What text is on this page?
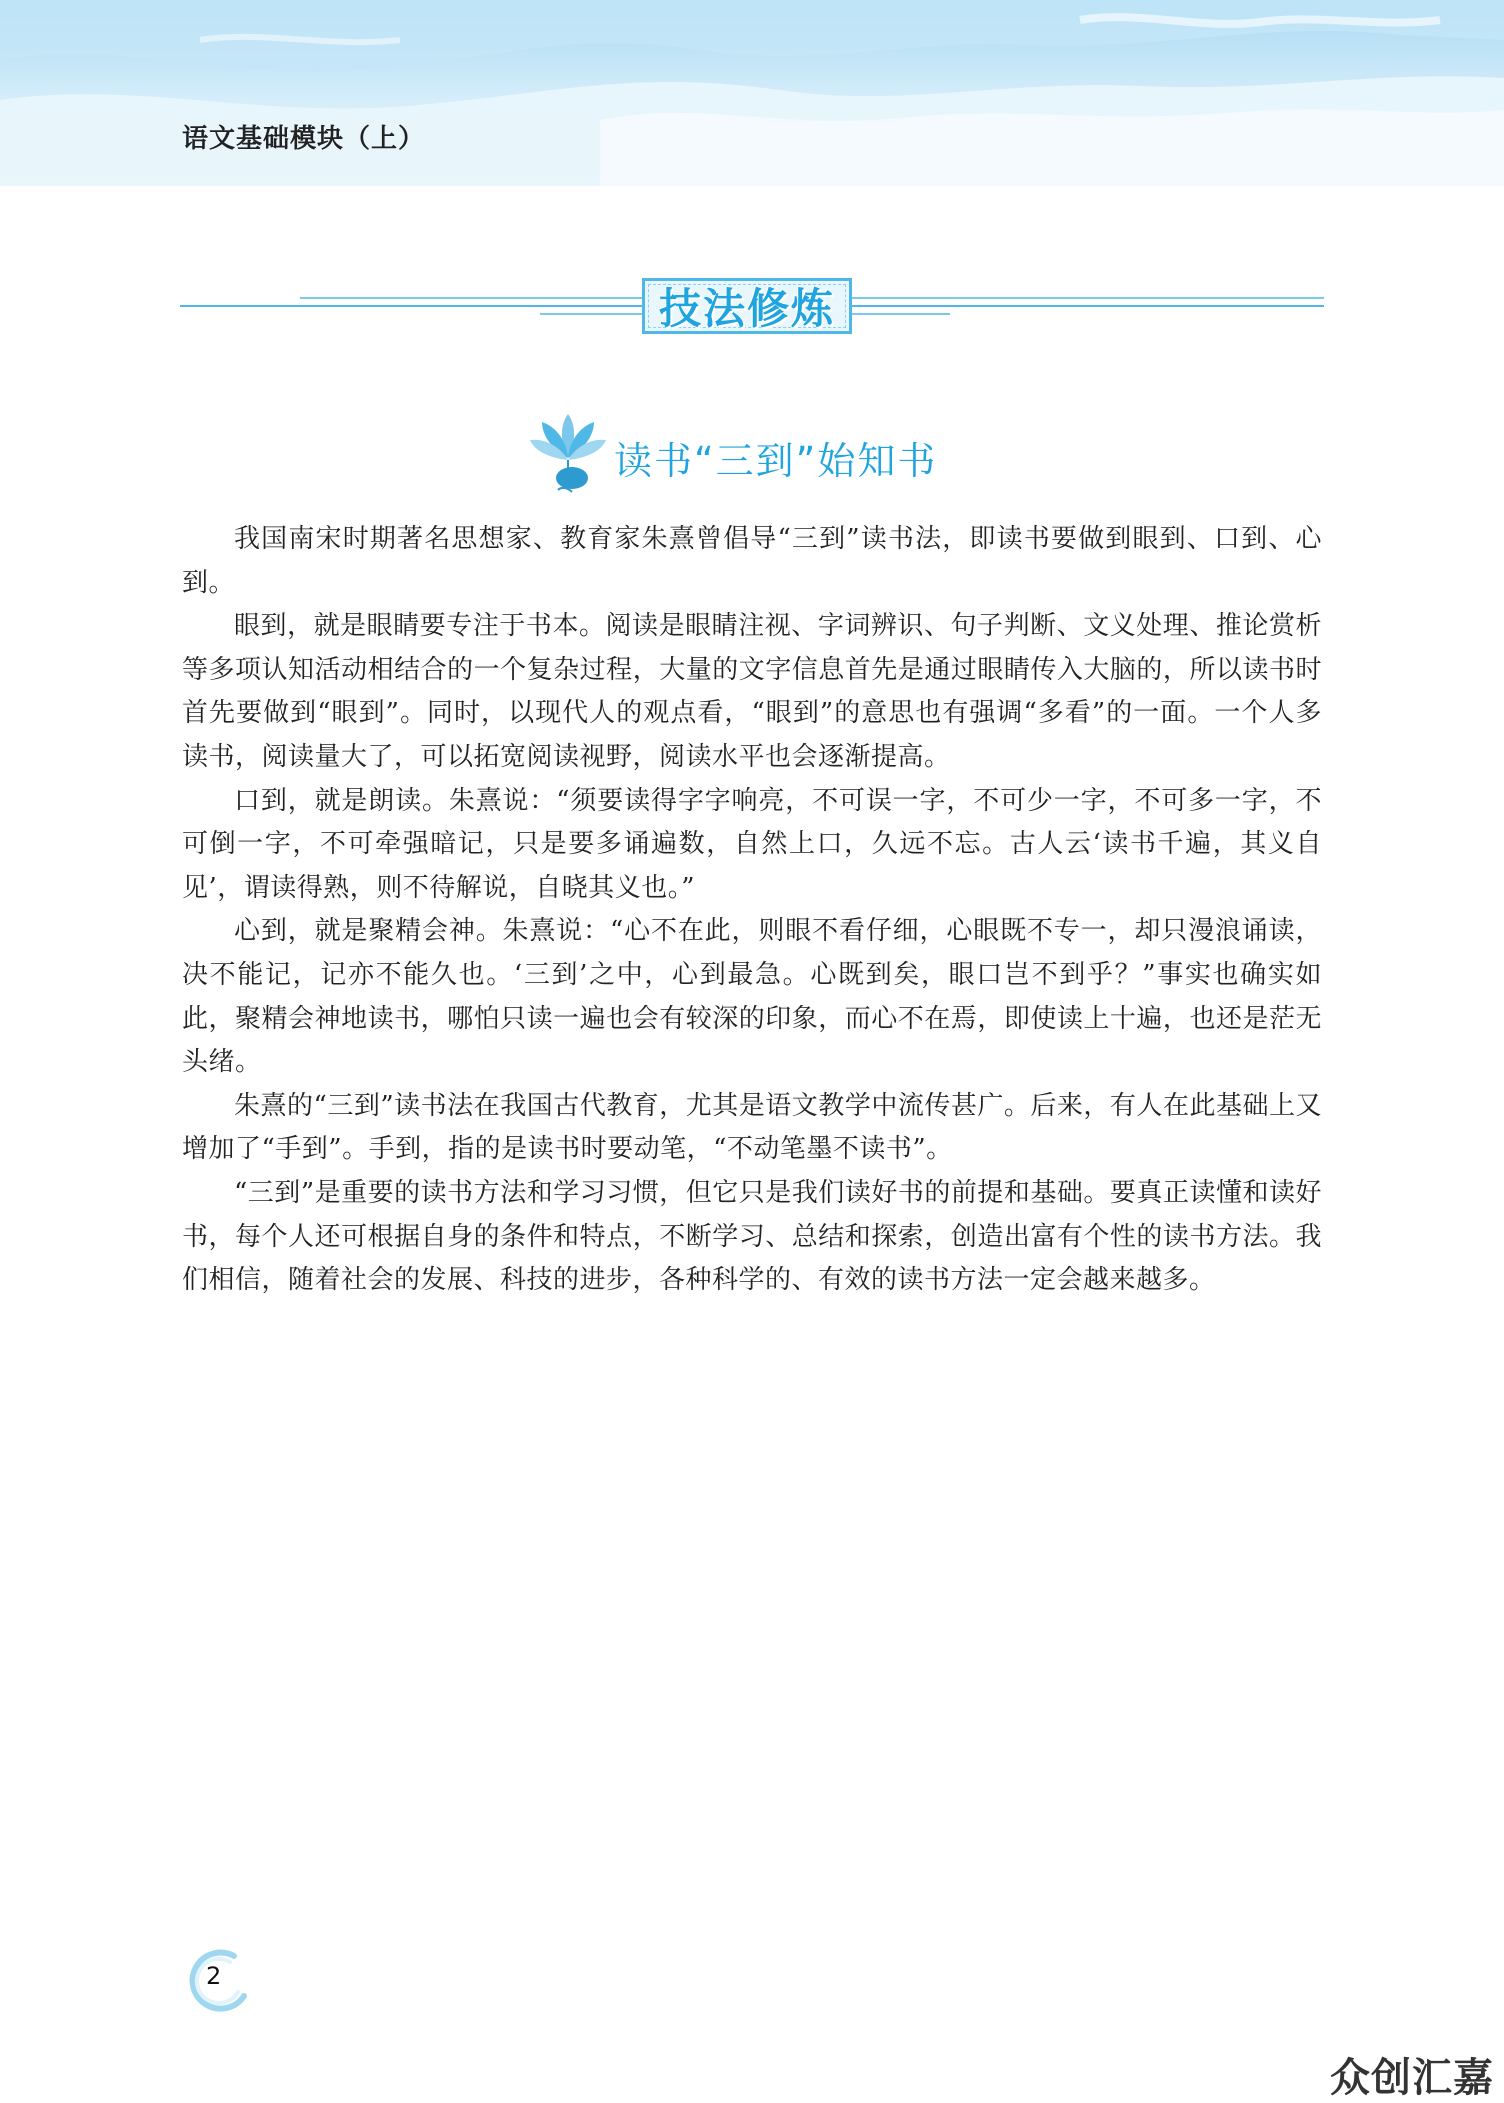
语文基础模块（上）
技法修炼
读书“三到”始知书

我国南宋时期著名思想家、教育家朱熹曾倡导“三到”读书法，即读书要做到眼到、口到、心到。

眼到，就是眼睛要专注于书本。阅读是眼睛注视、字词辨识、句子判断、文义处理、推论赏析等多项认知活动相结合的一个复杂过程，大量的文字信息首先是通过眼睛传入大脑的，所以读书时首先要做到“眼到”。同时，以现代人的观点看，“眼到”的意思也有强调“多看”的一面。一个人多读书，阅读量大了，可以拓宽阅读视野，阅读水平也会逐渐提高。

口到，就是朗读。朱熹说：“须要读得字字响亮，不可误一字，不可少一字，不可多一字，不可倒一字，不可牵强暗记，只是要多诵遍数，自然上口，久远不忘。古人云‘读书千遍，其义自见’，谓读得熟，则不待解说，自晓其义也。”

心到，就是聚精会神。朱熹说：“心不在此，则眼不看仔细，心眼既不专一，却只漫浪诵读，决不能记，记亦不能久也。‘三到’之中，心到最急。心既到矣，眼口岂不到乎？”事实也确实如此，聚精会神地读书，哪怕只读一遍也会有较深的印象，而心不在焉，即使读上十遍，也还是茫无头绪。

朱熹的“三到”读书法在我国古代教育，尤其是语文教学中流传甚广。后来，有人在此基础上又增加了“手到”。手到，指的是读书时要动笔，“不动笔墨不读书”。

“三到”是重要的读书方法和学习习惯，但它只是我们读好书的前提和基础。要真正读懂和读好书，每个人还可根据自身的条件和特点，不断学习、总结和探索，创造出富有个性的读书方法。我们相信，随着社会的发展、科技的进步，各种科学的、有效的读书方法一定会越来越多。

2
众创汇嘉
